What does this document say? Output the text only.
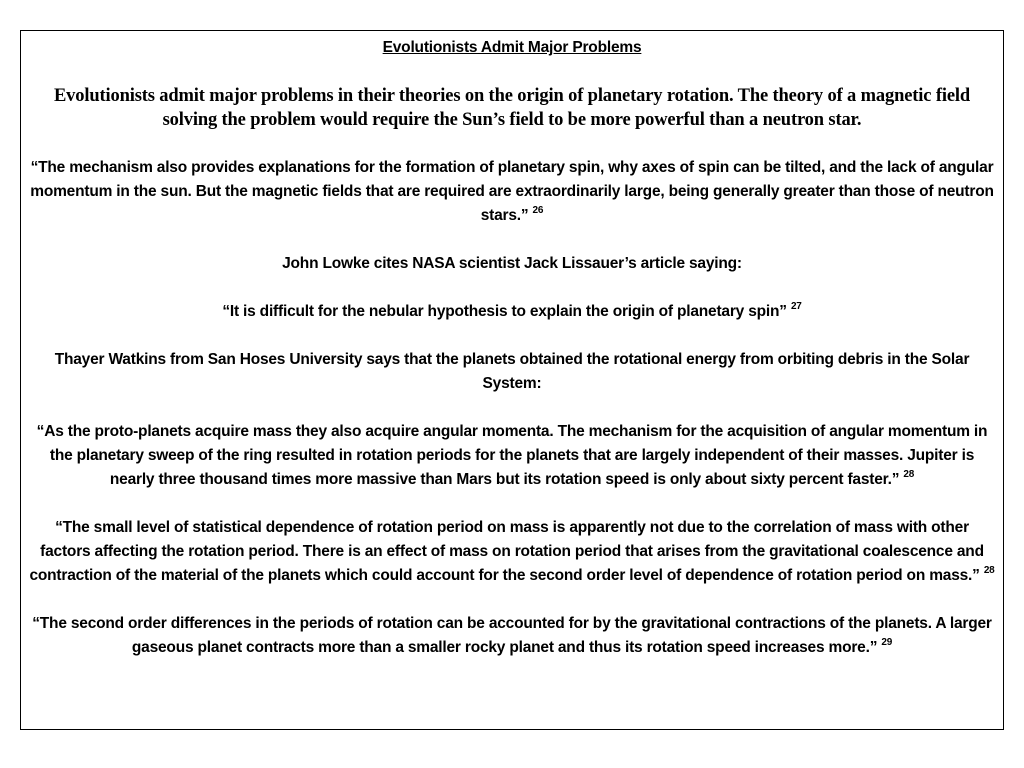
Evolutionists Admit Major Problems

Evolutionists admit major problems in their theories on the origin of planetary rotation. The theory of a magnetic field solving the problem would require the Sun’s field to be more powerful than a neutron star.

“The mechanism also provides explanations for the formation of planetary spin, why axes of spin can be tilted, and the lack of angular momentum in the sun. But the magnetic fields that are required are extraordinarily large, being generally greater than those of neutron stars.” $^{26}$

John Lowke cites NASA scientist Jack Lissauer’s article saying:

“It is difficult for the nebular hypothesis to explain the origin of planetary spin” $^{27}$

Thayer Watkins from San Hoses University says that the planets obtained the rotational energy from orbiting debris in the Solar System:

“As the proto-planets acquire mass they also acquire angular momenta. The mechanism for the acquisition of angular momentum in the planetary sweep of the ring resulted in rotation periods for the planets that are largely independent of their masses. Jupiter is nearly three thousand times more massive than Mars but its rotation speed is only about sixty percent faster.” $^{28}$

“The small level of statistical dependence of rotation period on mass is apparently not due to the correlation of mass with other factors affecting the rotation period. There is an effect of mass on rotation period that arises from the gravitational coalescence and contraction of the material of the planets which could account for the second order level of dependence of rotation period on mass.” $^{28}$

“The second order differences in the periods of rotation can be accounted for by the gravitational contractions of the planets. A larger gaseous planet contracts more than a smaller rocky planet and thus its rotation speed increases more.” $^{29}$
